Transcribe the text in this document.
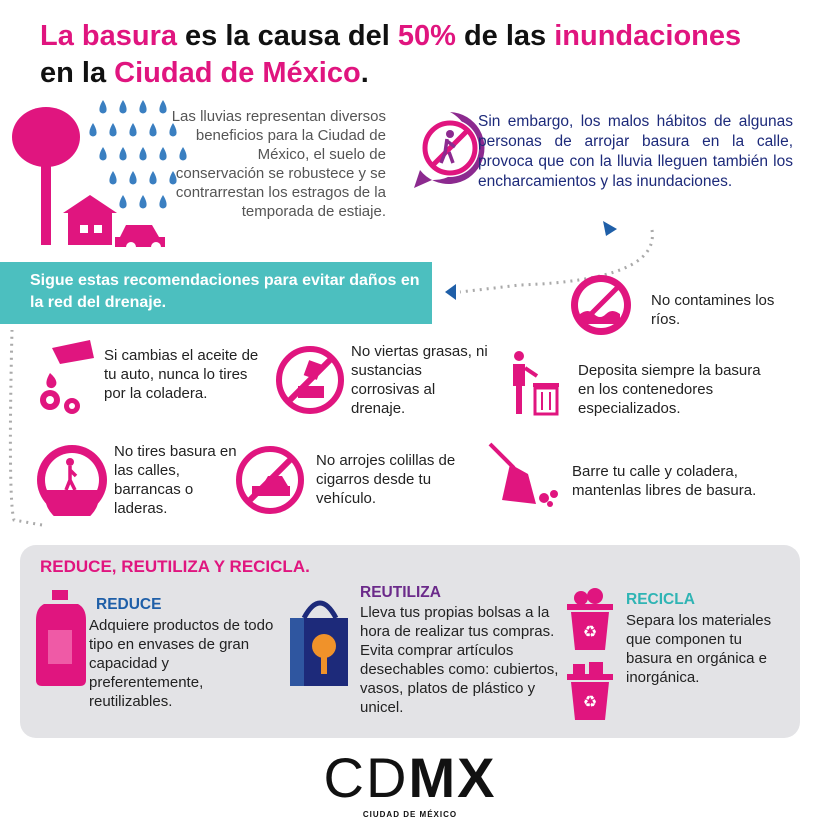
La basura es la causa del 50% de las inundaciones
en la Ciudad de México.
Las lluvias representan diversos beneficios para la Ciudad de México, el suelo de conservación se robustece y se contrarrestan los estragos de la temporada de estiaje.
Sin embargo, los malos hábitos de algunas personas de arrojar basura en la calle, provoca que con la lluvia lleguen también los encharcamientos y las inundaciones.
Sigue estas recomendaciones para evitar daños en la red del drenaje.	No contamines los ríos.
Si cambias el aceite de tu auto, nunca lo tires por la coladera.
No viertas grasas, ni sustancias corrosivas al drenaje.
Deposita siempre la basura en los contenedores especializados.
No tires basura en las calles, barrancas o laderas.
No arrojes colillas de cigarros desde tu vehículo.
Barre tu calle y coladera, mantenlas libres de basura.
REDUCE, REUTILIZA Y RECICLA.
REDUCE
Adquiere productos de todo tipo en envases de gran capacidad y preferentemente, reutilizables.
REUTILIZA
Lleva tus propias bolsas a la hora de realizar tus compras. Evita comprar artículos desechables como: cubiertos, vasos, platos de plástico y unicel.
♻
♻
RECICLA
Separa los materiales que componen tu basura en orgánica e inorgánica.
CDMX
CIUDAD DE MÉXICO
